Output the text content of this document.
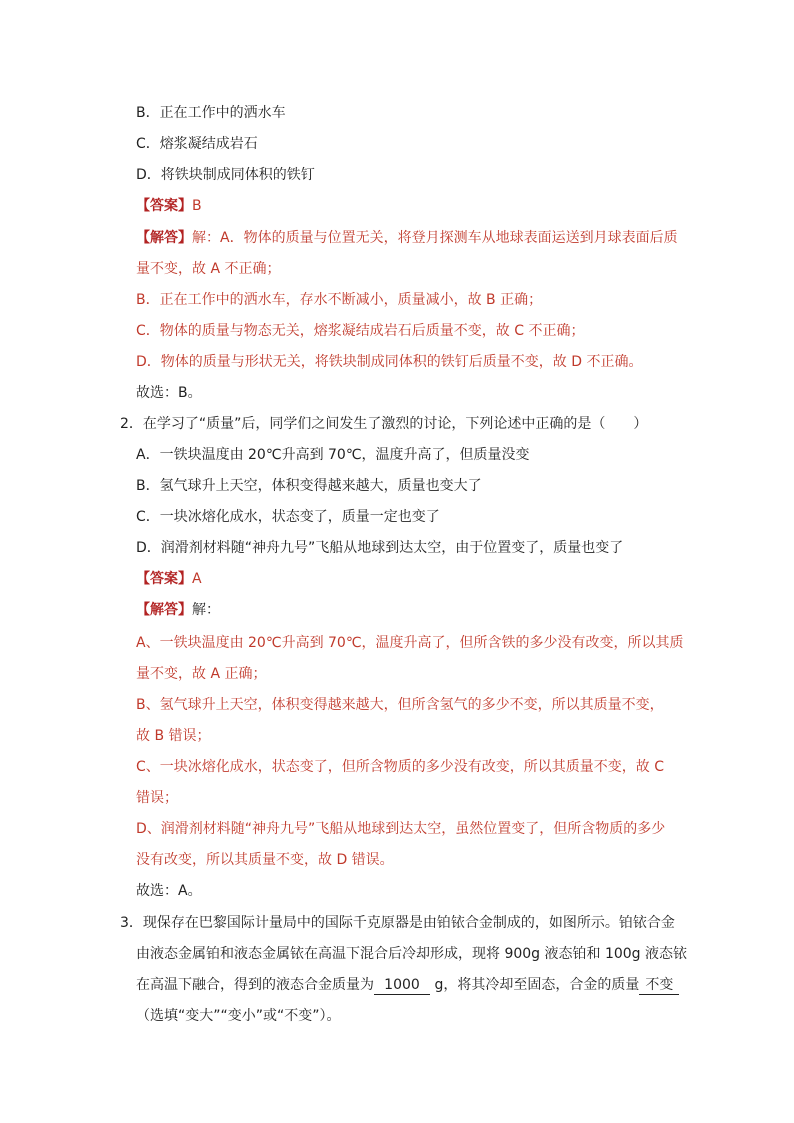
B．正在工作中的洒水车
C．熔浆凝结成岩石
D．将铁块制成同体积的铁钉
【答案】B
【解答】解：A．物体的质量与位置无关，将登月探测车从地球表面运送到月球表面后质
量不变，故 A 不正确；
B．正在工作中的洒水车，存水不断减小，质量减小，故 B 正确；
C．物体的质量与物态无关，熔浆凝结成岩石后质量不变，故 C 不正确；
D．物体的质量与形状无关，将铁块制成同体积的铁钉后质量不变，故 D 不正确。
故选：B。
2．在学习了“质量”后，同学们之间发生了激烈的讨论，下列论述中正确的是（　　）
A．一铁块温度由 20℃升高到 70℃，温度升高了，但质量没变
B．氢气球升上天空，体积变得越来越大，质量也变大了
C．一块冰熔化成水，状态变了，质量一定也变了
D．润滑剂材料随“神舟九号”飞船从地球到达太空，由于位置变了，质量也变了
【答案】A
【解答】解：
A、一铁块温度由 20℃升高到 70℃，温度升高了，但所含铁的多少没有改变，所以其质
量不变，故 A 正确；
B、氢气球升上天空，体积变得越来越大，但所含氢气的多少不变，所以其质量不变，
故 B 错误；
C、一块冰熔化成水，状态变了，但所含物质的多少没有改变，所以其质量不变，故 C
错误；
D、润滑剂材料随“神舟九号”飞船从地球到达太空，虽然位置变了，但所含物质的多少
没有改变，所以其质量不变，故 D 错误。
故选：A。
3．现保存在巴黎国际计量局中的国际千克原器是由铂铱合金制成的，如图所示。铂铱合金
由液态金属铂和液态金属铱在高温下混合后冷却形成，现将 900g 液态铂和 100g 液态铱
在高温下融合，得到的液态合金质量为 1000 g，将其冷却至固态，合金的质量 不变
（选填“变大”“变小”或“不变”）。
